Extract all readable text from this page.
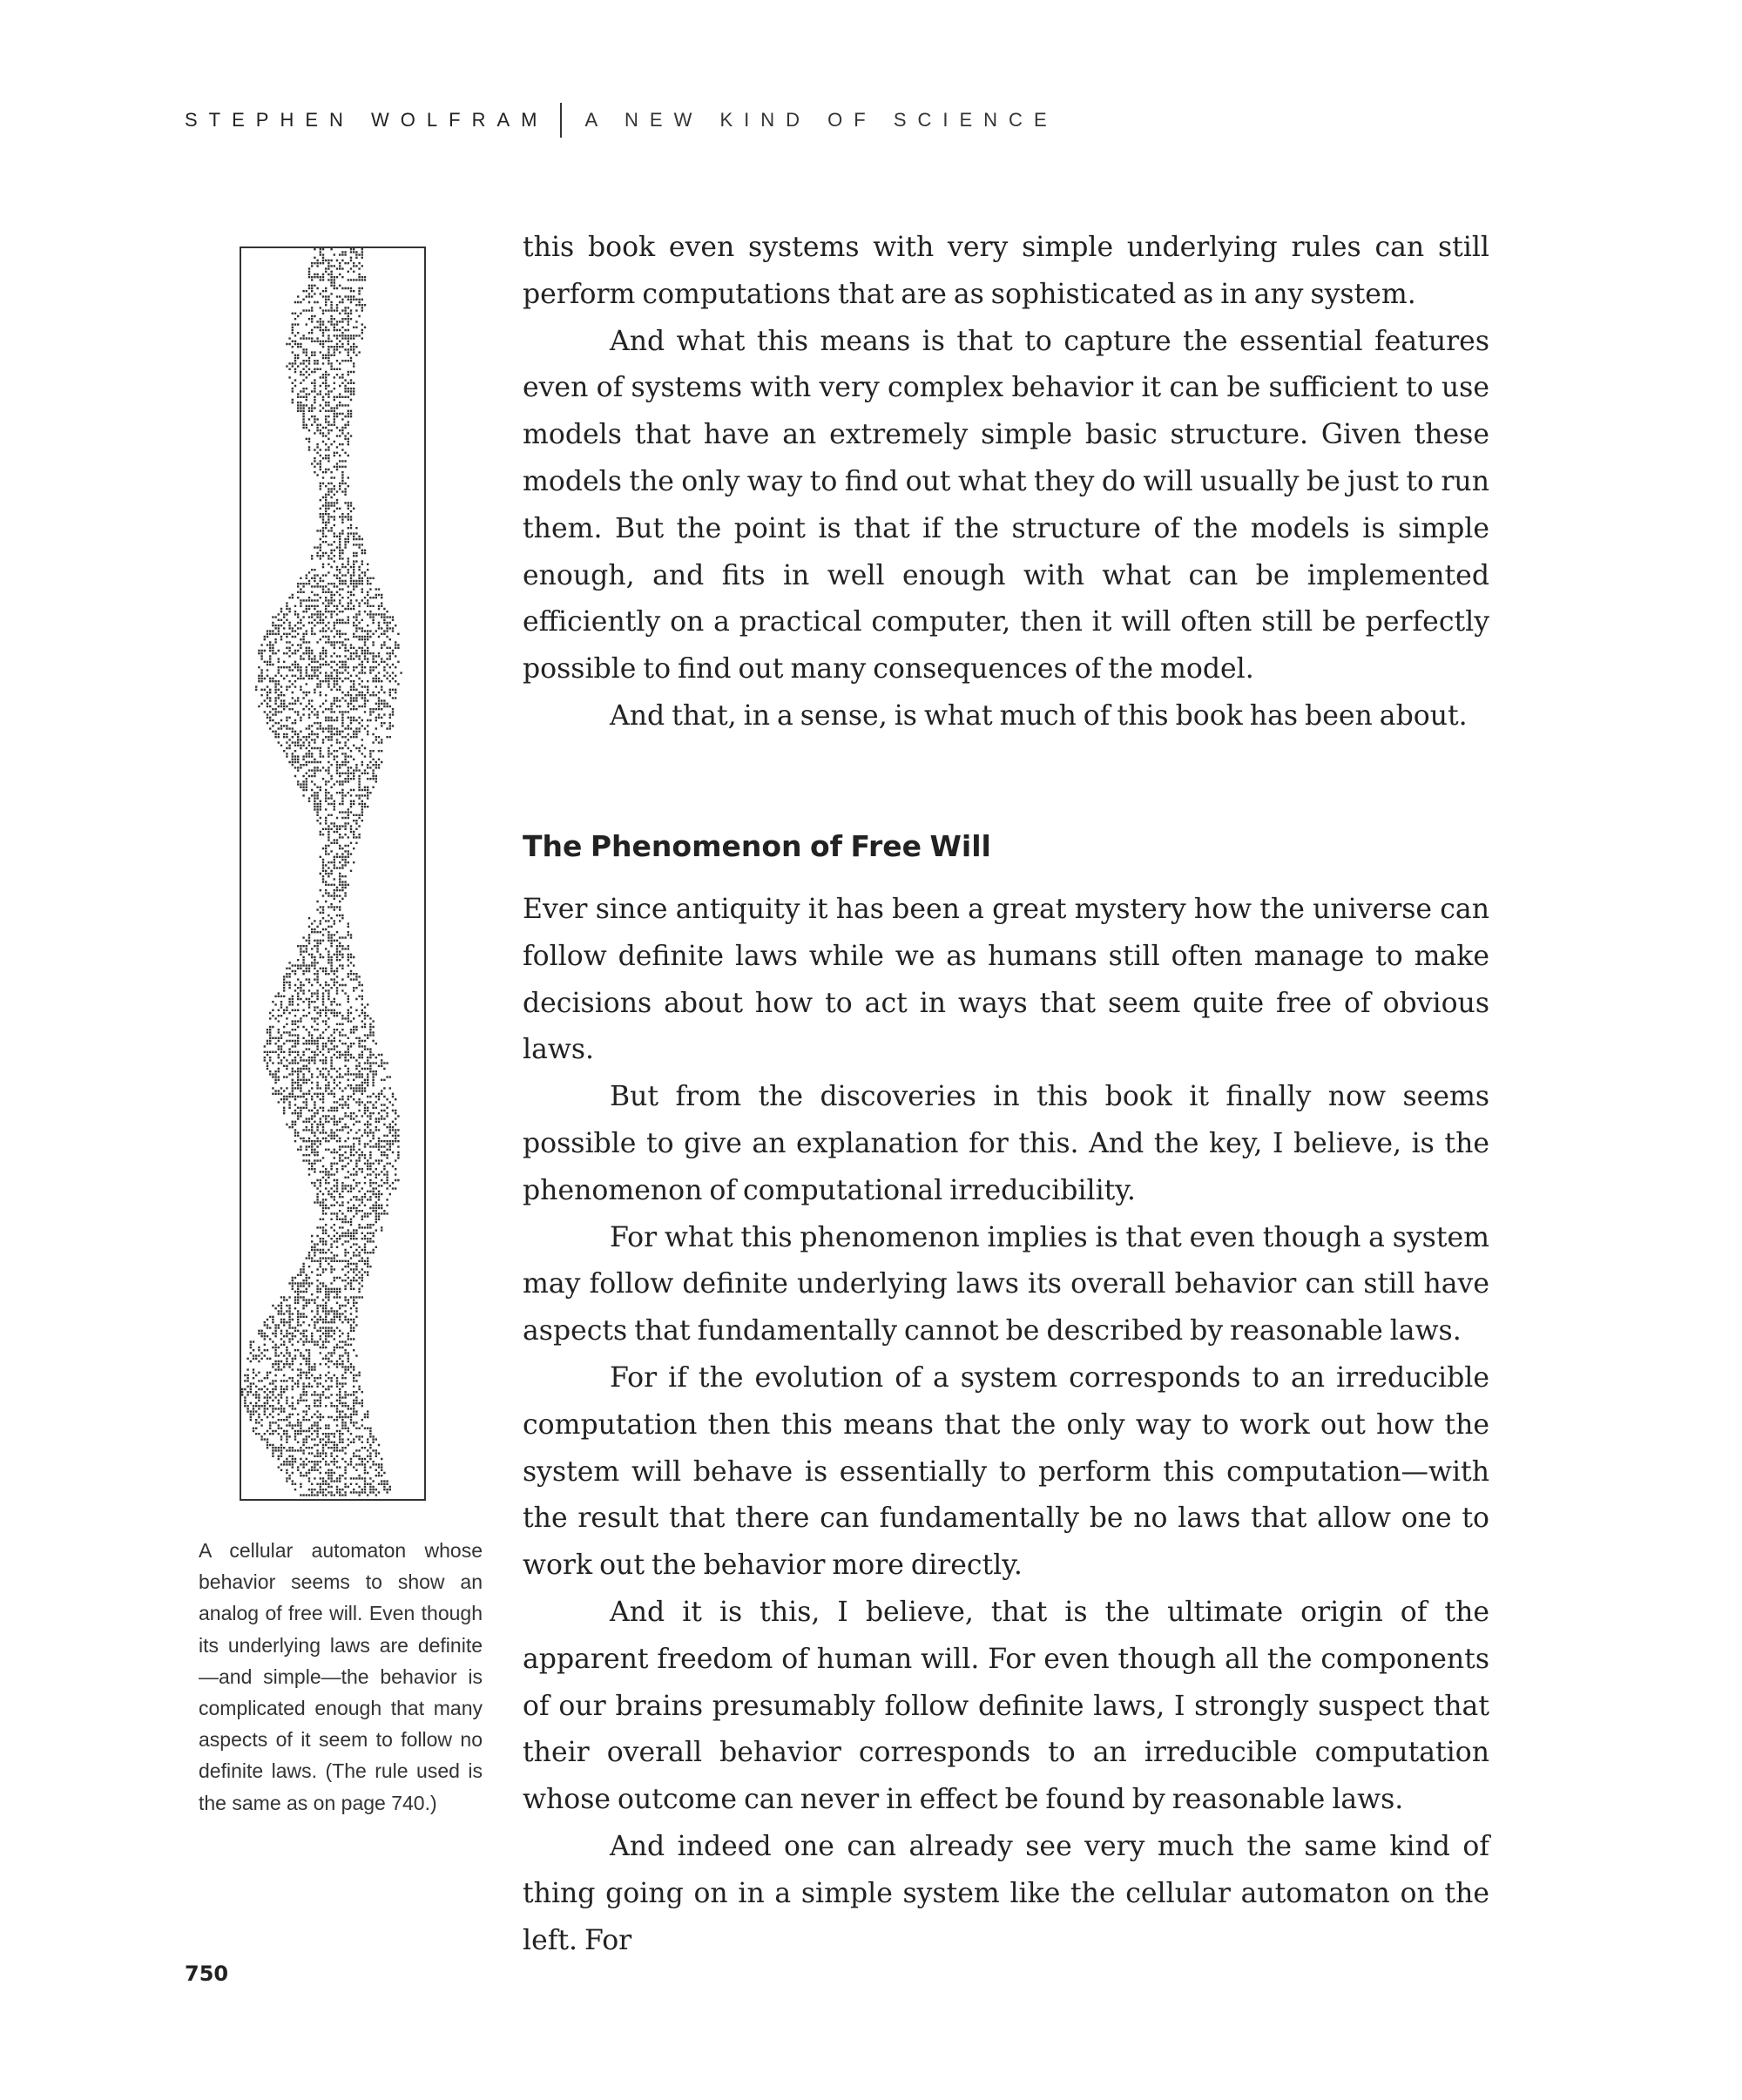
STEPHEN WOLFRAM A NEW KIND OF SCIENCE

A cellular automaton whose behavior seems to show an analog of free will. Even though its underlying laws are definite—and simple—the behavior is complicated enough that many aspects of it seem to follow no definite laws. (The rule used is the same as on page 740.)

this book even systems with very simple underlying rules can still perform computations that are as sophisticated as in any system.

And what this means is that to capture the essential features even of systems with very complex behavior it can be sufficient to use models that have an extremely simple basic structure. Given these models the only way to find out what they do will usually be just to run them. But the point is that if the structure of the models is simple enough, and fits in well enough with what can be implemented efficiently on a practical computer, then it will often still be perfectly possible to find out many consequences of the model.

And that, in a sense, is what much of this book has been about.

The Phenomenon of Free Will

Ever since antiquity it has been a great mystery how the universe can follow definite laws while we as humans still often manage to make decisions about how to act in ways that seem quite free of obvious laws.

But from the discoveries in this book it finally now seems possible to give an explanation for this. And the key, I believe, is the phenomenon of computational irreducibility.

For what this phenomenon implies is that even though a system may follow definite underlying laws its overall behavior can still have aspects that fundamentally cannot be described by reasonable laws.

For if the evolution of a system corresponds to an irreducible computation then this means that the only way to work out how the system will behave is essentially to perform this computation—with the result that there can fundamentally be no laws that allow one to work out the behavior more directly.

And it is this, I believe, that is the ultimate origin of the apparent freedom of human will. For even though all the components of our brains presumably follow definite laws, I strongly suspect that their overall behavior corresponds to an irreducible computation whose outcome can never in effect be found by reasonable laws.

And indeed one can already see very much the same kind of thing going on in a simple system like the cellular automaton on the left. For

750
